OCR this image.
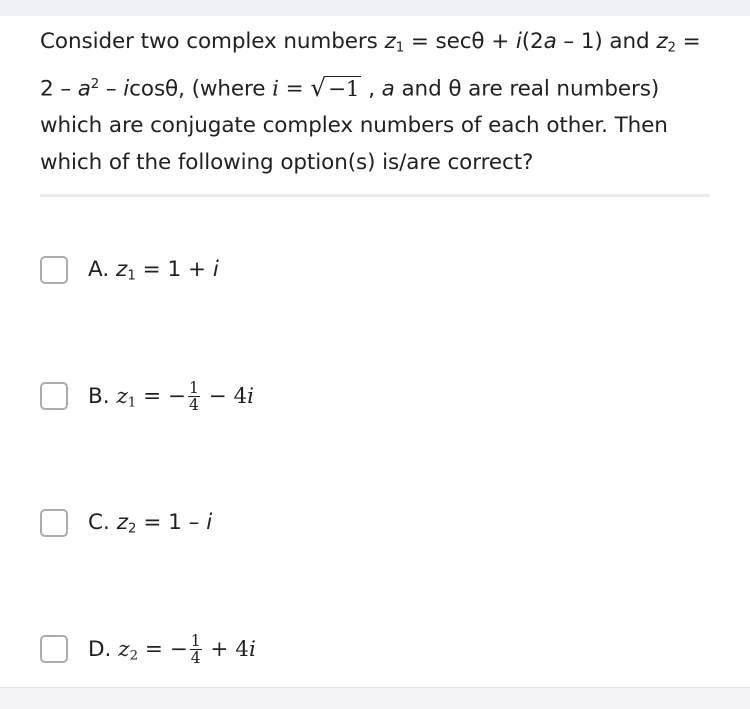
Consider two complex numbers $z_1 = \sec\theta + i(2a - 1)$ and $z_2$ =
$2 - a^2$ – icosθ, (where i = √−1 , a and θ are real numbers)
which are conjugate complex numbers of each other. Then
which of the following option(s) is/are correct?
A. $z_1 = 1 + i$
B. $z_1$ = − $\frac{1}{4} - 4i$
C. $z_2 = 1 - i$
D. $z_2$ = − $\frac{1}{4} + 4i$
